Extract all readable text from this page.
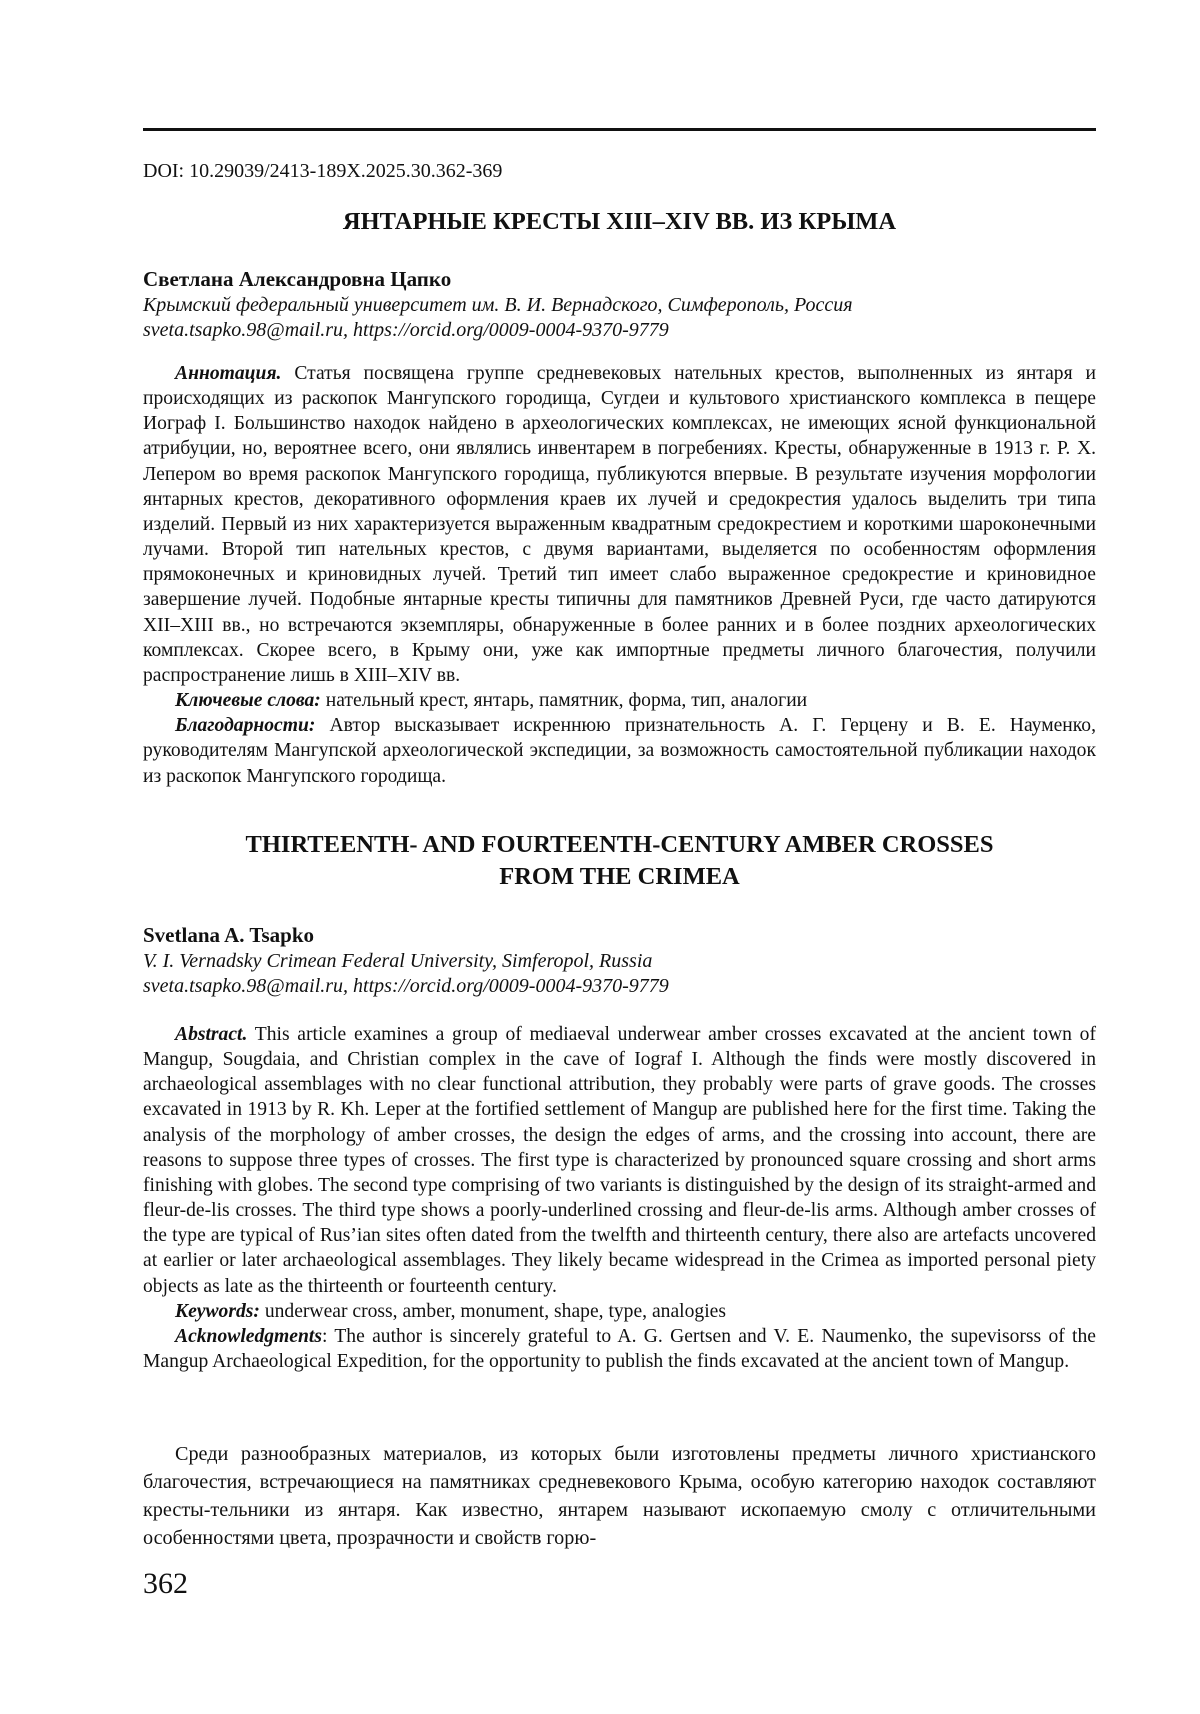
DOI: 10.29039/2413-189X.2025.30.362-369
ЯНТАРНЫЕ КРЕСТЫ XIII–XIV ВВ. ИЗ КРЫМА
Светлана Александровна Цапко
Крымский федеральный университет им. В. И. Вернадского, Симферополь, Россия
sveta.tsapko.98@mail.ru, https://orcid.org/0009-0004-9370-9779

Аннотация. Статья посвящена группе средневековых нательных крестов, выполненных из янтаря и происходящих из раскопок Мангупского городища, Сугдеи и культового христианского комплекса в пещере Иограф I. Большинство находок найдено в археологических комплексах, не имеющих ясной функциональной атрибуции, но, вероятнее всего, они являлись инвентарем в погребениях. Кресты, обнаруженные в 1913 г. Р. Х. Лепером во время раскопок Мангупского городища, публикуются впервые. В результате изучения морфологии янтарных крестов, декоративного оформления краев их лучей и средокрестия удалось выделить три типа изделий. Первый из них характеризуется выраженным квадратным средокрестием и короткими шароконечными лучами. Второй тип нательных крестов, с двумя вариантами, выделяется по особенностям оформления прямоконечных и криновидных лучей. Третий тип имеет слабо выраженное средокрестие и криновидное завершение лучей. Подобные янтарные кресты типичны для памятников Древней Руси, где часто датируются XII–XIII вв., но встречаются экземпляры, обнаруженные в более ранних и в более поздних археологических комплексах. Скорее всего, в Крыму они, уже как импортные предметы личного благочестия, получили распространение лишь в XIII–XIV вв.

Ключевые слова: нательный крест, янтарь, памятник, форма, тип, аналогии

Благодарности: Автор высказывает искреннюю признательность А. Г. Герцену и В. Е. Науменко, руководителям Мангупской археологической экспедиции, за возможность самостоятельной публикации находок из раскопок Мангупского городища.

THIRTEENTH- AND FOURTEENTH-CENTURY AMBER CROSSES
FROM THE CRIMEA
Svetlana A. Tsapko
V. I. Vernadsky Crimean Federal University, Simferopol, Russia
sveta.tsapko.98@mail.ru, https://orcid.org/0009-0004-9370-9779

Abstract. This article examines a group of mediaeval underwear amber crosses excavated at the ancient town of Mangup, Sougdaia, and Christian complex in the cave of Iograf I. Although the finds were mostly discovered in archaeological assemblages with no clear functional attribution, they probably were parts of grave goods. The crosses excavated in 1913 by R. Kh. Leper at the fortified settlement of Mangup are published here for the first time. Taking the analysis of the morphology of amber crosses, the design the edges of arms, and the crossing into account, there are reasons to suppose three types of crosses. The first type is characterized by pronounced square crossing and short arms finishing with globes. The second type comprising of two variants is distinguished by the design of its straight-armed and fleur-de-lis crosses. The third type shows a poorly-underlined crossing and fleur-de-lis arms. Although amber crosses of the type are typical of Rus’ian sites often dated from the twelfth and thirteenth century, there also are artefacts uncovered at earlier or later archaeological assemblages. They likely became widespread in the Crimea as imported personal piety objects as late as the thirteenth or fourteenth century.

Keywords: underwear cross, amber, monument, shape, type, analogies

Acknowledgments: The author is sincerely grateful to A. G. Gertsen and V. E. Naumenko, the supevisorss of the Mangup Archaeological Expedition, for the opportunity to publish the finds excavated at the ancient town of Mangup.

Среди разнообразных материалов, из которых были изготовлены предметы личного христианского благочестия, встречающиеся на памятниках средневекового Крыма, особую категорию находок составляют кресты-тельники из янтаря. Как известно, янтарем называют ископаемую смолу с отличительными особенностями цвета, прозрачности и свойств горю-

362
